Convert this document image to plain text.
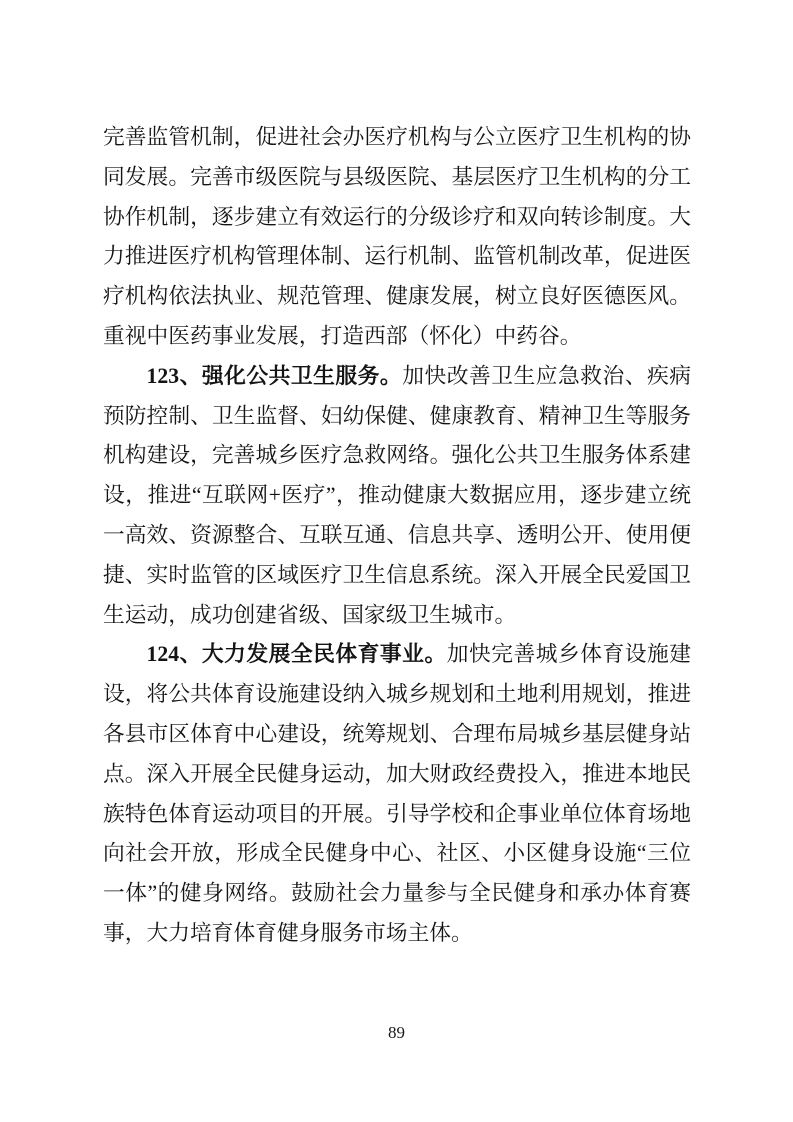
完善监管机制，促进社会办医疗机构与公立医疗卫生机构的协同发展。完善市级医院与县级医院、基层医疗卫生机构的分工协作机制，逐步建立有效运行的分级诊疗和双向转诊制度。大力推进医疗机构管理体制、运行机制、监管机制改革，促进医疗机构依法执业、规范管理、健康发展，树立良好医德医风。重视中医药事业发展，打造西部（怀化）中药谷。

123、强化公共卫生服务。加快改善卫生应急救治、疾病预防控制、卫生监督、妇幼保健、健康教育、精神卫生等服务机构建设，完善城乡医疗急救网络。强化公共卫生服务体系建设，推进“互联网+医疗”，推动健康大数据应用，逐步建立统一高效、资源整合、互联互通、信息共享、透明公开、使用便捷、实时监管的区域医疗卫生信息系统。深入开展全民爱国卫生运动，成功创建省级、国家级卫生城市。

124、大力发展全民体育事业。加快完善城乡体育设施建设，将公共体育设施建设纳入城乡规划和土地利用规划，推进各县市区体育中心建设，统筹规划、合理布局城乡基层健身站点。深入开展全民健身运动，加大财政经费投入，推进本地民族特色体育运动项目的开展。引导学校和企事业单位体育场地向社会开放，形成全民健身中心、社区、小区健身设施“三位一体”的健身网络。鼓励社会力量参与全民健身和承办体育赛事，大力培育体育健身服务市场主体。

89
